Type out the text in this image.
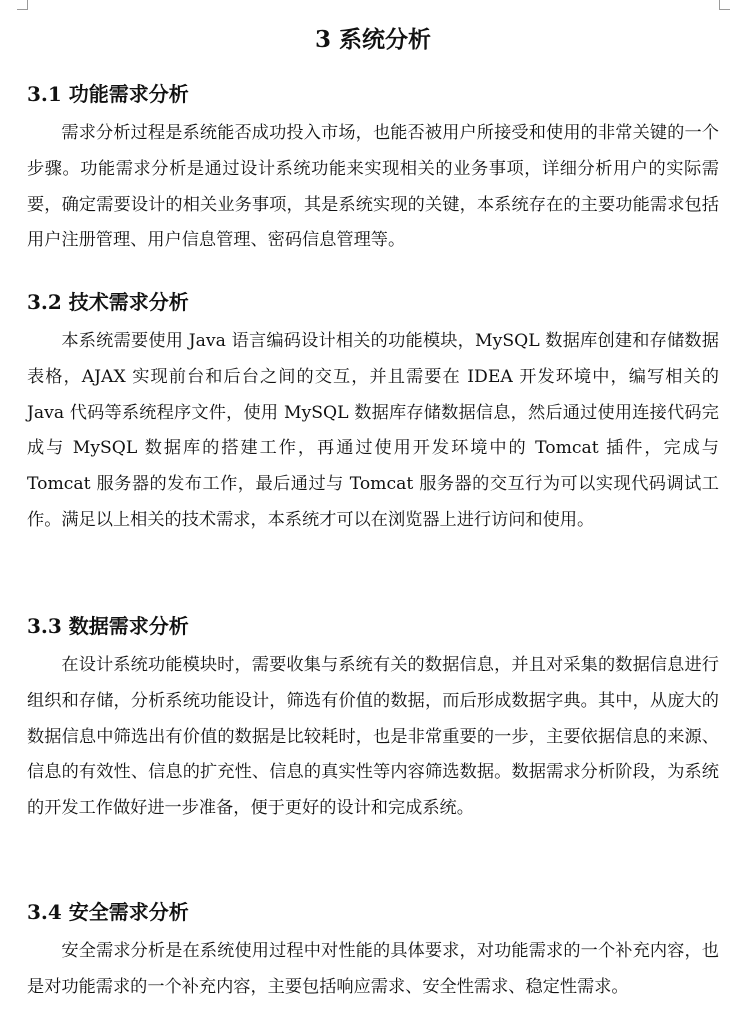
3 系统分析
3.1 功能需求分析

需求分析过程是系统能否成功投入市场，也能否被用户所接受和使用的非常关键的一个步骤。功能需求分析是通过设计系统功能来实现相关的业务事项，详细分析用户的实际需要，确定需要设计的相关业务事项，其是系统实现的关键，本系统存在的主要功能需求包括用户注册管理、用户信息管理、密码信息管理等。

3.2 技术需求分析

本系统需要使用 Java 语言编码设计相关的功能模块，MySQL 数据库创建和存储数据表格，AJAX 实现前台和后台之间的交互，并且需要在 IDEA 开发环境中，编写相关的 Java 代码等系统程序文件，使用 MySQL 数据库存储数据信息，然后通过使用连接代码完成与 MySQL 数据库的搭建工作，再通过使用开发环境中的 Tomcat 插件，完成与 Tomcat 服务器的发布工作，最后通过与 Tomcat 服务器的交互行为可以实现代码调试工作。满足以上相关的技术需求，本系统才可以在浏览器上进行访问和使用。

3.3 数据需求分析

在设计系统功能模块时，需要收集与系统有关的数据信息，并且对采集的数据信息进行组织和存储，分析系统功能设计，筛选有价值的数据，而后形成数据字典。其中，从庞大的数据信息中筛选出有价值的数据是比较耗时，也是非常重要的一步，主要依据信息的来源、信息的有效性、信息的扩充性、信息的真实性等内容筛选数据。数据需求分析阶段，为系统的开发工作做好进一步准备，便于更好的设计和完成系统。

3.4 安全需求分析

安全需求分析是在系统使用过程中对性能的具体要求，对功能需求的一个补充内容，也是对功能需求的一个补充内容，主要包括响应需求、安全性需求、稳定性需求。
